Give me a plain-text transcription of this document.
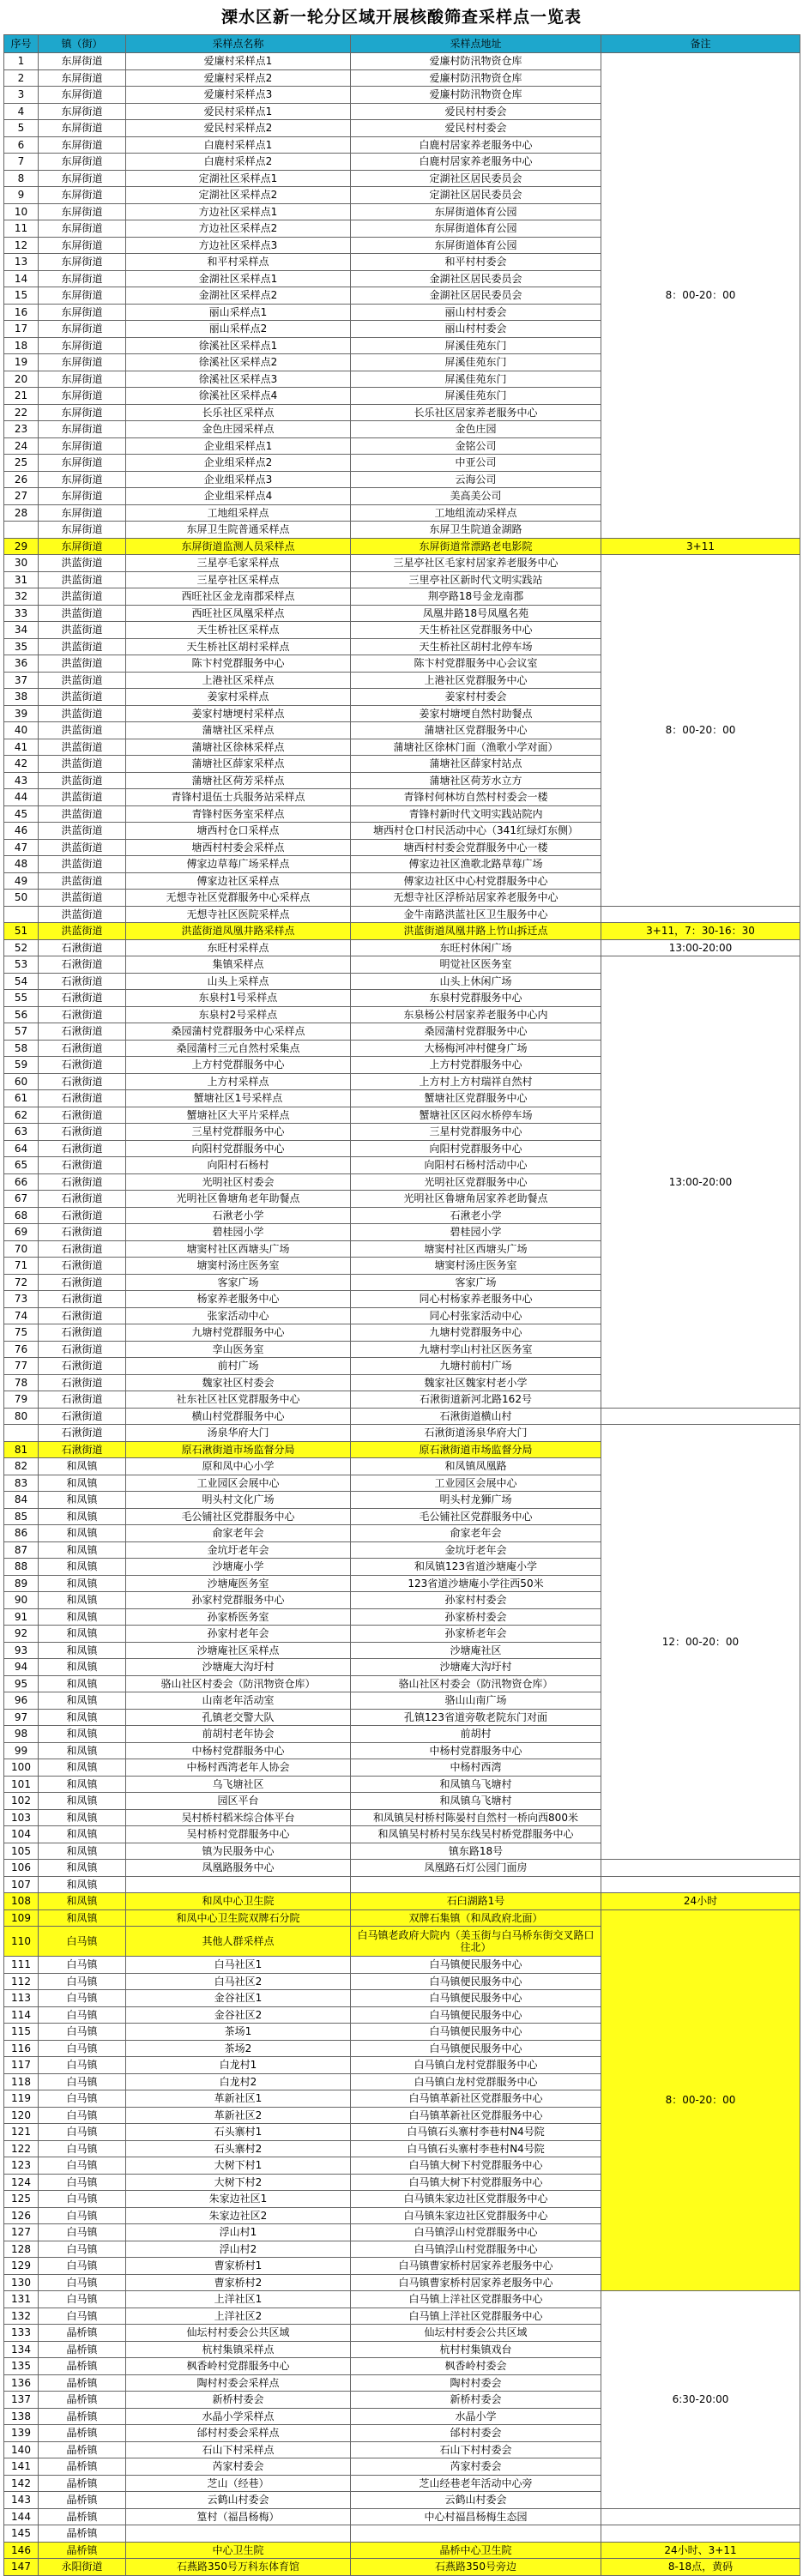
溧水区新一轮分区域开展核酸筛查采样点一览表
序号	镇（街）	采样点名称	采样点地址	备注
1	东屏街道	爱廉村采样点1	爱廉村防汛物资仓库	8：00-20：00
2	东屏街道	爱廉村采样点2	爱廉村防汛物资仓库	
3	东屏街道	爱廉村采样点3	爱廉村防汛物资仓库	
4	东屏街道	爱民村采样点1	爱民村村委会	
5	东屏街道	爱民村采样点2	爱民村村委会	
6	东屏街道	白鹿村采样点1	白鹿村居家养老服务中心	
7	东屏街道	白鹿村采样点2	白鹿村居家养老服务中心	
8	东屏街道	定湖社区采样点1	定湖社区居民委员会	
9	东屏街道	定湖社区采样点2	定湖社区居民委员会	
10	东屏街道	方边社区采样点1	东屏街道体育公园	
11	东屏街道	方边社区采样点2	东屏街道体育公园	
12	东屏街道	方边社区采样点3	东屏街道体育公园	
13	东屏街道	和平村采样点	和平村村委会	
14	东屏街道	金湖社区采样点1	金湖社区居民委员会	
15	东屏街道	金湖社区采样点2	金湖社区居民委员会	
16	东屏街道	丽山采样点1	丽山村村委会	
17	东屏街道	丽山采样点2	丽山村村委会	
18	东屏街道	徐溪社区采样点1	屏溪佳苑东门	
19	东屏街道	徐溪社区采样点2	屏溪佳苑东门	
20	东屏街道	徐溪社区采样点3	屏溪佳苑东门	
21	东屏街道	徐溪社区采样点4	屏溪佳苑东门	
22	东屏街道	长乐社区采样点	长乐社区居家养老服务中心	
23	东屏街道	金色庄园采样点	金色庄园	
24	东屏街道	企业组采样点1	金铭公司	
25	东屏街道	企业组采样点2	中亚公司	
26	东屏街道	企业组采样点3	云海公司	
27	东屏街道	企业组采样点4	美高美公司	
28	东屏街道	工地组采样点	工地组流动采样点	
	东屏街道	东屏卫生院普通采样点	东屏卫生院道金湖路	
29	东屏街道	东屏街道监测人员采样点	东屏街道常漂路老电影院	3+11
30	洪蓝街道	三星亭毛家采样点	三星亭社区毛家村居家养老服务中心	8：00-20：00
31	洪蓝街道	三星亭社区采样点	三里亭社区新时代文明实践站	
32	洪蓝街道	西旺社区金龙南郡采样点	荆亭路18号金龙南郡	
33	洪蓝街道	西旺社区凤凰采样点	凤凰井路18号凤凰名苑	
34	洪蓝街道	天生桥社区采样点	天生桥社区党群服务中心	
35	洪蓝街道	天生桥社区胡村采样点	天生桥社区胡村北停车场	
36	洪蓝街道	陈卞村党群服务中心	陈卞村党群服务中心会议室	
37	洪蓝街道	上港社区采样点	上港社区党群服务中心	
38	洪蓝街道	姜家村采样点	姜家村村委会	
39	洪蓝街道	姜家村塘埂村采样点	姜家村塘埂自然村助餐点	
40	洪蓝街道	蒲塘社区采样点	蒲塘社区党群服务中心	
41	洪蓝街道	蒲塘社区徐林采样点	蒲塘社区徐林门面（渔歌小学对面）	
42	洪蓝街道	蒲塘社区薛家采样点	蒲塘社区薛家村站点	
43	洪蓝街道	蒲塘社区荷芳采样点	蒲塘社区荷芳水立方	
44	洪蓝街道	青锋村退伍士兵服务站采样点	青锋村何林坊自然村村委会一楼	
45	洪蓝街道	青锋村医务室采样点	青锋村新时代文明实践站院内	
46	洪蓝街道	塘西村仓口采样点	塘西村仓口村民活动中心（341红绿灯东侧）	
47	洪蓝街道	塘西村村委会采样点	塘西村村委会党群服务中心一楼	
48	洪蓝街道	傅家边草莓广场采样点	傅家边社区渔歌北路草莓广场	
49	洪蓝街道	傅家边社区采样点	傅家边社区中心村党群服务中心	
50	洪蓝街道	无想寺社区党群服务中心采样点	无想寺社区浮桥站居家养老服务中心	
	洪蓝街道	无想寺社区医院采样点	金牛南路洪蓝社区卫生服务中心	
51	洪蓝街道	洪蓝街道凤凰井路采样点	洪蓝街道凤凰井路上竹山拆迁点	3+11，7：30-16：30
52	石湫街道	东旺村采样点	东旺村休闲广场	13:00-20:00
53	石湫街道	集镇采样点	明觉社区医务室	13:00-20:00
54	石湫街道	山头上采样点	山头上休闲广场	
55	石湫街道	东泉村1号采样点	东泉村党群服务中心	
56	石湫街道	东泉村2号采样点	东泉杨公村居家养老服务中心内	
57	石湫街道	桑园蒲村党群服务中心采样点	桑园蒲村党群服务中心	
58	石湫街道	桑园蒲村三元自然村采集点	大杨梅河冲村健身广场	
59	石湫街道	上方村党群服务中心	上方村党群服务中心	
60	石湫街道	上方村采样点	上方村上方村瑞祥自然村	
61	石湫街道	蟹塘社区1号采样点	蟹塘社区党群服务中心	
62	石湫街道	蟹塘社区大平片采样点	蟹塘社区区闷水桥停车场	
63	石湫街道	三星村党群服务中心	三星村党群服务中心	
64	石湫街道	向阳村党群服务中心	向阳村党群服务中心	
65	石湫街道	向阳村石杨村	向阳村石杨村活动中心	
66	石湫街道	光明社区村委会	光明社区党群服务中心	
67	石湫街道	光明社区鲁塘角老年助餐点	光明社区鲁塘角居家养老助餐点	
68	石湫街道	石湫老小学	石湫老小学	
69	石湫街道	碧桂园小学	碧桂园小学	
70	石湫街道	塘窦村社区西塘头广场	塘窦村社区西塘头广场	
71	石湫街道	塘窦村汤庄医务室	塘窦村汤庄医务室	
72	石湫街道	客家广场	客家广场	
73	石湫街道	杨家养老服务中心	同心村杨家养老服务中心	
74	石湫街道	张家活动中心	同心村张家活动中心	
75	石湫街道	九塘村党群服务中心	九塘村党群服务中心	
76	石湫街道	孪山医务室	九塘村孪山村社区医务室	
77	石湫街道	前村广场	九塘村前村广场	
78	石湫街道	魏家社区村委会	魏家社区魏家村老小学	
79	石湫街道	社东社区社区党群服务中心	石湫街道新河北路162号	
80	石湫街道	横山村党群服务中心	石湫街道横山村	
	石湫街道	汤泉华府大门	石湫街道汤泉华府大门	12：00-20：00
81	石湫街道	原石湫街道市场监督分局	原石湫街道市场监督分局	
82	和凤镇	原和凤中心小学	和凤镇凤凰路	
83	和凤镇	工业园区会展中心	工业园区会展中心	
84	和凤镇	明头村文化广场	明头村龙狮广场	
85	和凤镇	毛公铺社区党群服务中心	毛公铺社区党群服务中心	
86	和凤镇	俞家老年会	俞家老年会	
87	和凤镇	金坑圩老年会	金坑圩老年会	
88	和凤镇	沙塘庵小学	和凤镇123省道沙塘庵小学	
89	和凤镇	沙塘庵医务室	123省道沙塘庵小学往西50米	
90	和凤镇	孙家村党群服务中心	孙家村村委会	
91	和凤镇	孙家桥医务室	孙家桥村委会	
92	和凤镇	孙家村老年会	孙家桥老年会	
93	和凤镇	沙塘庵社区采样点	沙塘庵社区	
94	和凤镇	沙塘庵大沟圩村	沙塘庵大沟圩村	
95	和凤镇	骆山社区村委会（防汛物资仓库）	骆山社区村委会（防汛物资仓库）	
96	和凤镇	山南老年活动室	骆山山南广场	
97	和凤镇	孔镇老交警大队	孔镇123省道旁敬老院东门对面	
98	和凤镇	前胡村老年协会	前胡村	
99	和凤镇	中杨村党群服务中心	中杨村党群服务中心	
100	和凤镇	中杨村西湾老年人协会	中杨村西湾	
101	和凤镇	乌飞塘社区	和凤镇乌飞塘村	
102	和凤镇	园区平台	和凤镇乌飞塘村	
103	和凤镇	吴村桥村稻米综合体平台	和凤镇吴村桥村陈晏村自然村一桥向西800米	
104	和凤镇	吴村桥村党群服务中心	和凤镇吴村桥村吴东线吴村桥党群服务中心	
105	和凤镇	镇为民服务中心	镇东路18号	
106	和凤镇	凤凰路服务中心	凤凰路石灯公园门面房	
107	和凤镇			
108	和凤镇	和凤中心卫生院	石臼湖路1号	24小时
109	和凤镇	和凤中心卫生院双牌石分院	双牌石集镇（和凤政府北面）	8：00-20：00
110	白马镇	其他人群采样点	白马镇老政府大院内（美玉街与白马桥东街交叉路口往北）	
111	白马镇	白马社区1	白马镇便民服务中心	
112	白马镇	白马社区2	白马镇便民服务中心	
113	白马镇	金谷社区1	白马镇便民服务中心	
114	白马镇	金谷社区2	白马镇便民服务中心	
115	白马镇	茶场1	白马镇便民服务中心	
116	白马镇	茶场2	白马镇便民服务中心	
117	白马镇	白龙村1	白马镇白龙村党群服务中心	
118	白马镇	白龙村2	白马镇白龙村党群服务中心	
119	白马镇	革新社区1	白马镇革新社区党群服务中心	
120	白马镇	革新社区2	白马镇革新社区党群服务中心	
121	白马镇	石头寨村1	白马镇石头寨村李巷村N4号院	
122	白马镇	石头寨村2	白马镇石头寨村李巷村N4号院	
123	白马镇	大树下村1	白马镇大树下村党群服务中心	
124	白马镇	大树下村2	白马镇大树下村党群服务中心	
125	白马镇	朱家边社区1	白马镇朱家边社区党群服务中心	
126	白马镇	朱家边社区2	白马镇朱家边社区党群服务中心	
127	白马镇	浮山村1	白马镇浮山村党群服务中心	
128	白马镇	浮山村2	白马镇浮山村党群服务中心	
129	白马镇	曹家桥村1	白马镇曹家桥村居家养老服务中心	
130	白马镇	曹家桥村2	白马镇曹家桥村居家养老服务中心	
131	白马镇	上洋社区1	白马镇上洋社区党群服务中心	6:30-20:00
132	白马镇	上洋社区2	白马镇上洋社区党群服务中心	
133	晶桥镇	仙坛村村委会公共区域	仙坛村村委会公共区域	
134	晶桥镇	杭村集镇采样点	杭村村集镇戏台	
135	晶桥镇	枫香岭村党群服务中心	枫香岭村委会	
136	晶桥镇	陶村村委会采样点	陶村村委会	
137	晶桥镇	新桥村委会	新桥村委会	
138	晶桥镇	水晶小学采样点	水晶小学	
139	晶桥镇	邰村村委会采样点	邰村村委会	
140	晶桥镇	石山下村采样点	石山下村村委会	
141	晶桥镇	芮家村委会	芮家村委会	
142	晶桥镇	芝山（经巷）	芝山经巷老年活动中心旁	
143	晶桥镇	云鹤山村委会	云鹤山村委会	
144	晶桥镇	篁村（福昌杨梅）	中心村福昌杨梅生态园	
145	晶桥镇			
146	晶桥镇	中心卫生院	晶桥中心卫生院	24小时、3+11
147	永阳街道	石燕路350号万科东体育馆	石燕路350号旁边	8-18点，黄码
